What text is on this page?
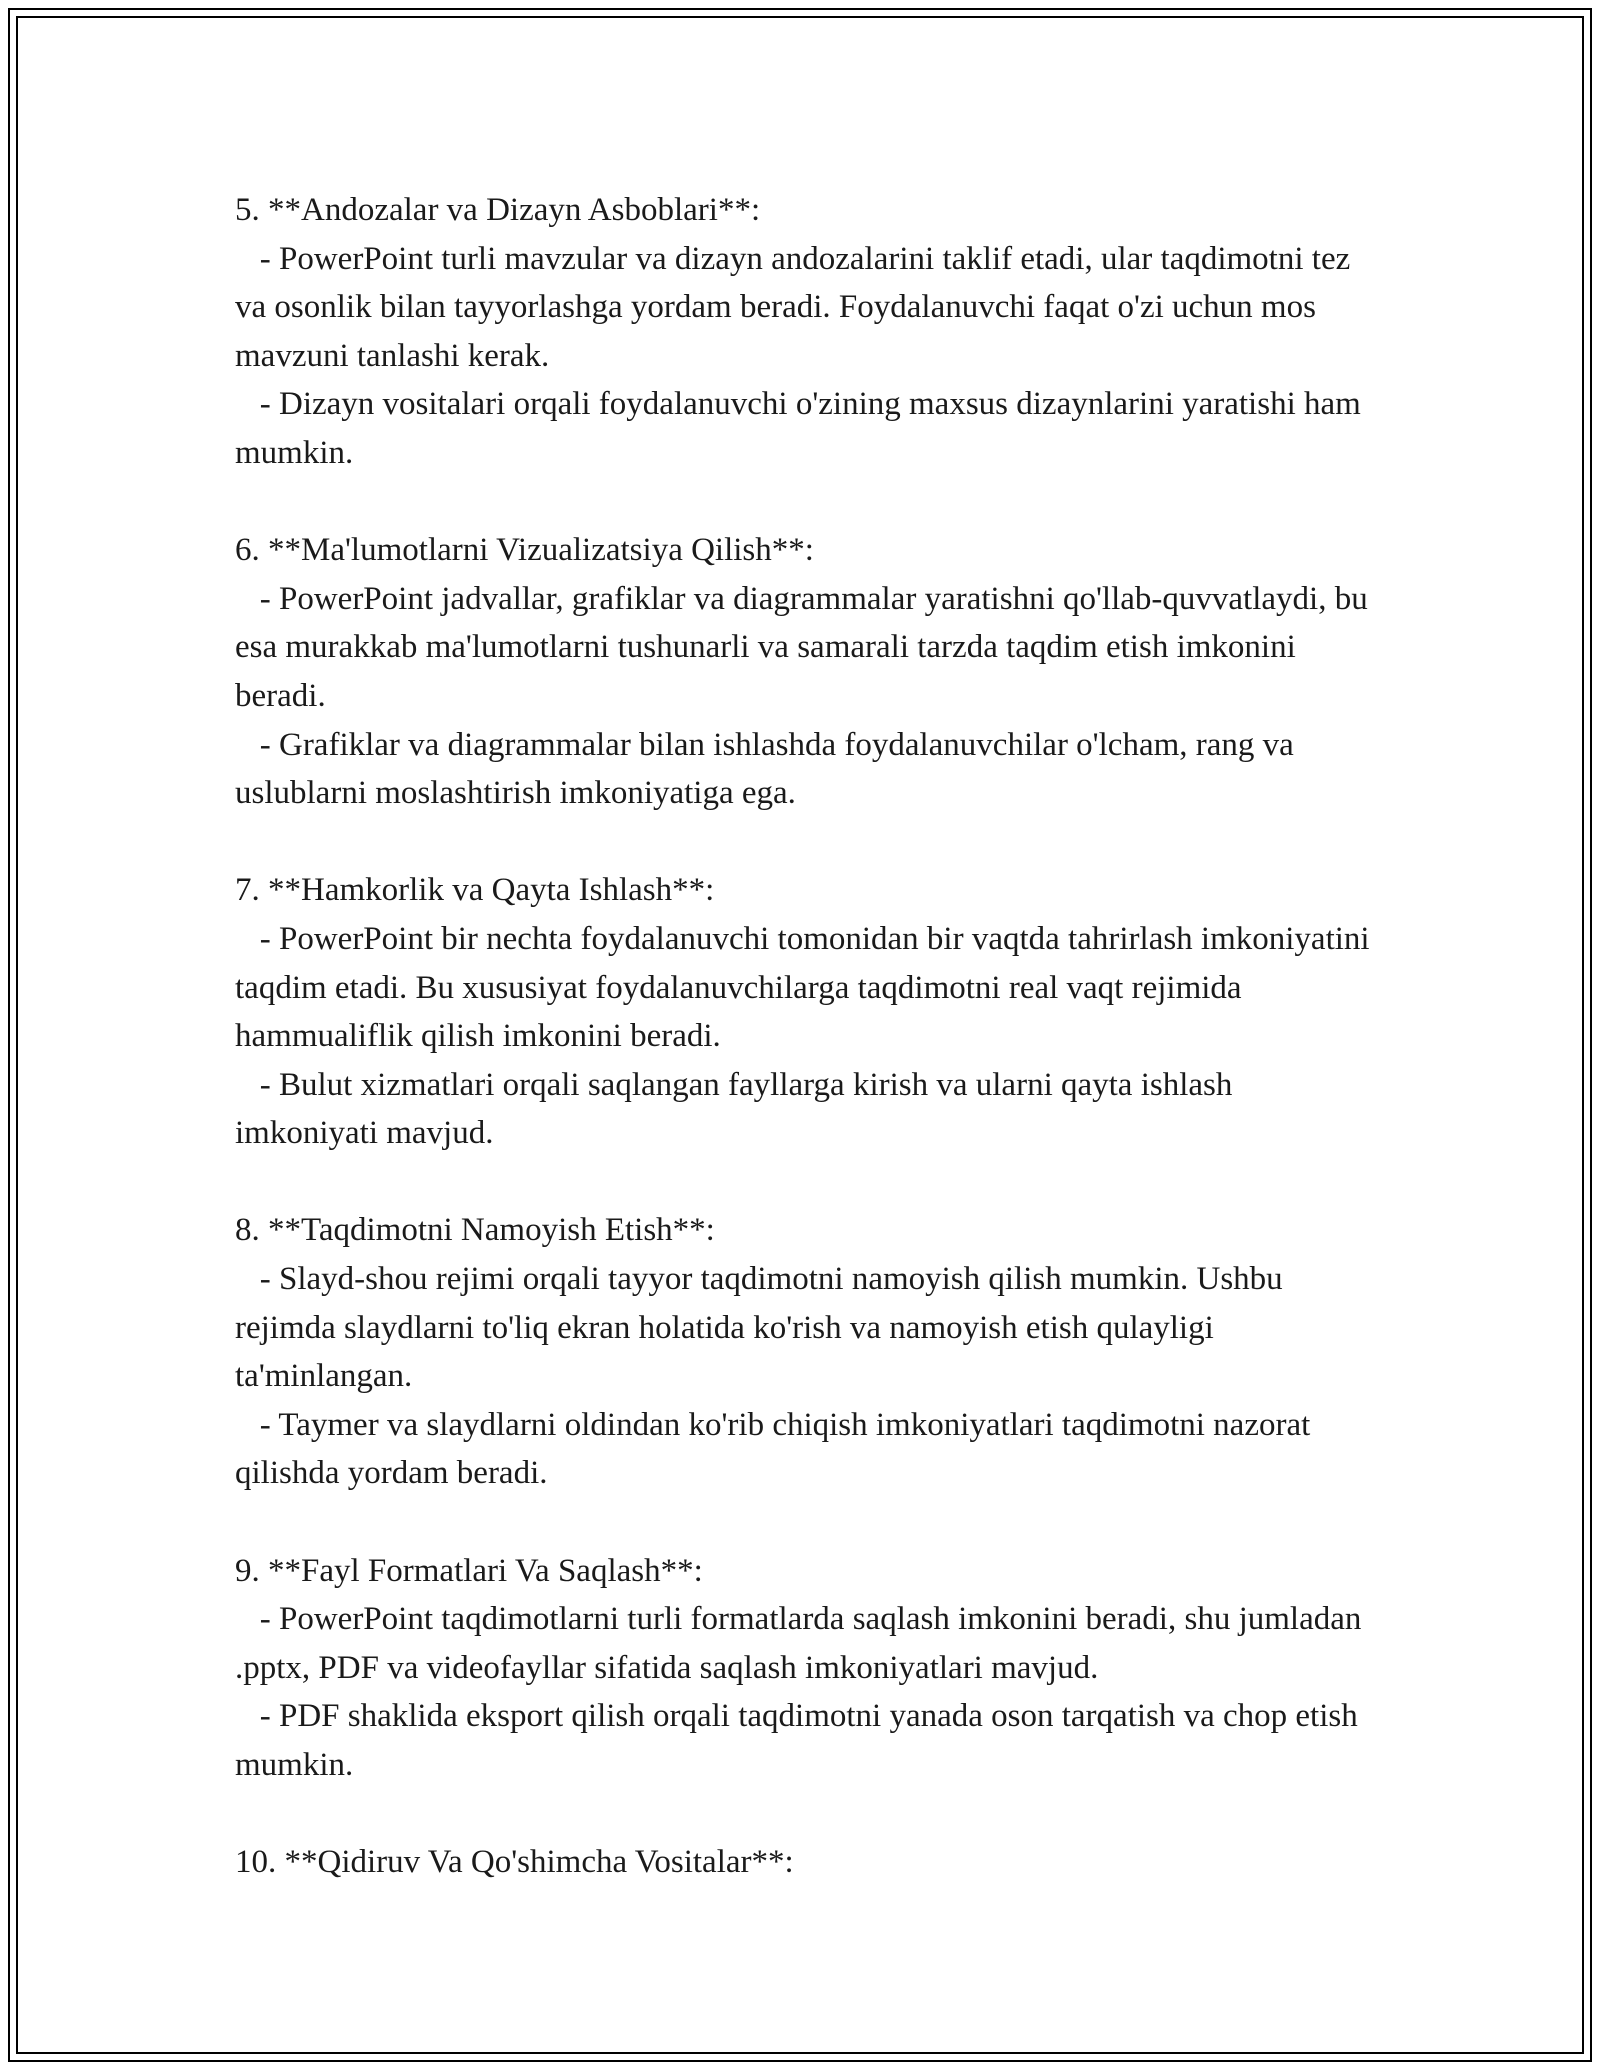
5. **Andozalar va Dizayn Asboblari**:

- PowerPoint turli mavzular va dizayn andozalarini taklif etadi, ular taqdimotni tez va osonlik bilan tayyorlashga yordam beradi. Foydalanuvchi faqat o'zi uchun mos mavzuni tanlashi kerak.

- Dizayn vositalari orqali foydalanuvchi o'zining maxsus dizaynlarini yaratishi ham mumkin.

6. **Ma'lumotlarni Vizualizatsiya Qilish**:

- PowerPoint jadvallar, grafiklar va diagrammalar yaratishni qo'llab-quvvatlaydi, bu esa murakkab ma'lumotlarni tushunarli va samarali tarzda taqdim etish imkonini beradi.

- Grafiklar va diagrammalar bilan ishlashda foydalanuvchilar o'lcham, rang va uslublarni moslashtirish imkoniyatiga ega.

7. **Hamkorlik va Qayta Ishlash**:

- PowerPoint bir nechta foydalanuvchi tomonidan bir vaqtda tahrirlash imkoniyatini taqdim etadi. Bu xususiyat foydalanuvchilarga taqdimotni real vaqt rejimida hammualiflik qilish imkonini beradi.

- Bulut xizmatlari orqali saqlangan fayllarga kirish va ularni qayta ishlash imkoniyati mavjud.

8. **Taqdimotni Namoyish Etish**:

- Slayd-shou rejimi orqali tayyor taqdimotni namoyish qilish mumkin. Ushbu rejimda slaydlarni to'liq ekran holatida ko'rish va namoyish etish qulayligi ta'minlangan.

- Taymer va slaydlarni oldindan ko'rib chiqish imkoniyatlari taqdimotni nazorat qilishda yordam beradi.

9. **Fayl Formatlari Va Saqlash**:

- PowerPoint taqdimotlarni turli formatlarda saqlash imkonini beradi, shu jumladan .pptx, PDF va videofayllar sifatida saqlash imkoniyatlari mavjud.

- PDF shaklida eksport qilish orqali taqdimotni yanada oson tarqatish va chop etish mumkin.

10. **Qidiruv Va Qo'shimcha Vositalar**:
